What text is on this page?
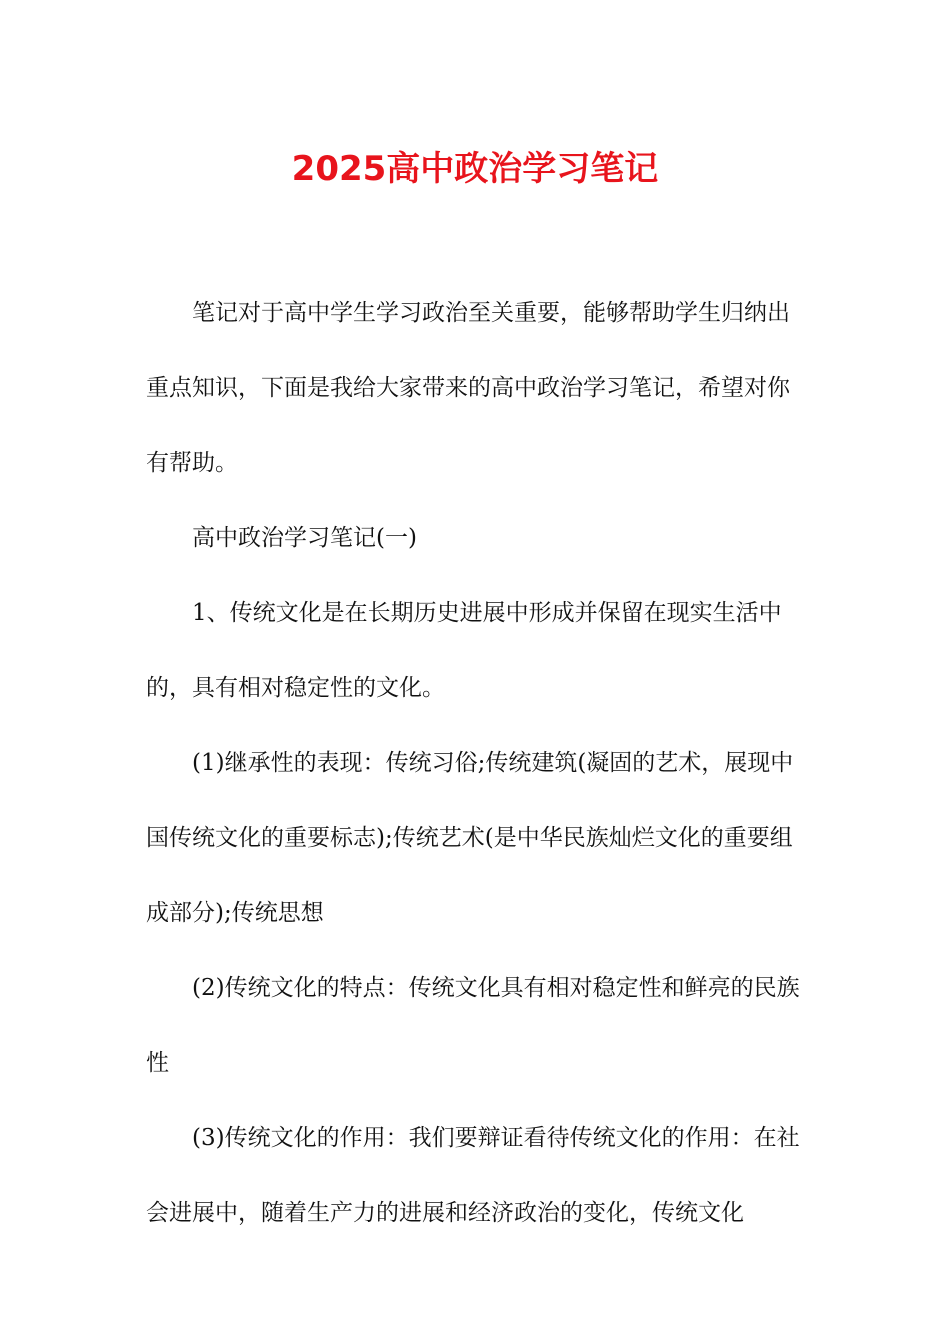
2025高中政治学习笔记

笔记对于高中学生学习政治至关重要，能够帮助学生归纳出重点知识，下面是我给大家带来的高中政治学习笔记，希望对你有帮助。

高中政治学习笔记(一)

1、传统文化是在长期历史进展中形成并保留在现实生活中的，具有相对稳定性的文化。

(1)继承性的表现：传统习俗;传统建筑(凝固的艺术，展现中国传统文化的重要标志);传统艺术(是中华民族灿烂文化的重要组成部分);传统思想

(2)传统文化的特点：传统文化具有相对稳定性和鲜亮的民族性

(3)传统文化的作用：我们要辩证看待传统文化的作用：在社会进展中，随着生产力的进展和经济政治的变化，传统文化
